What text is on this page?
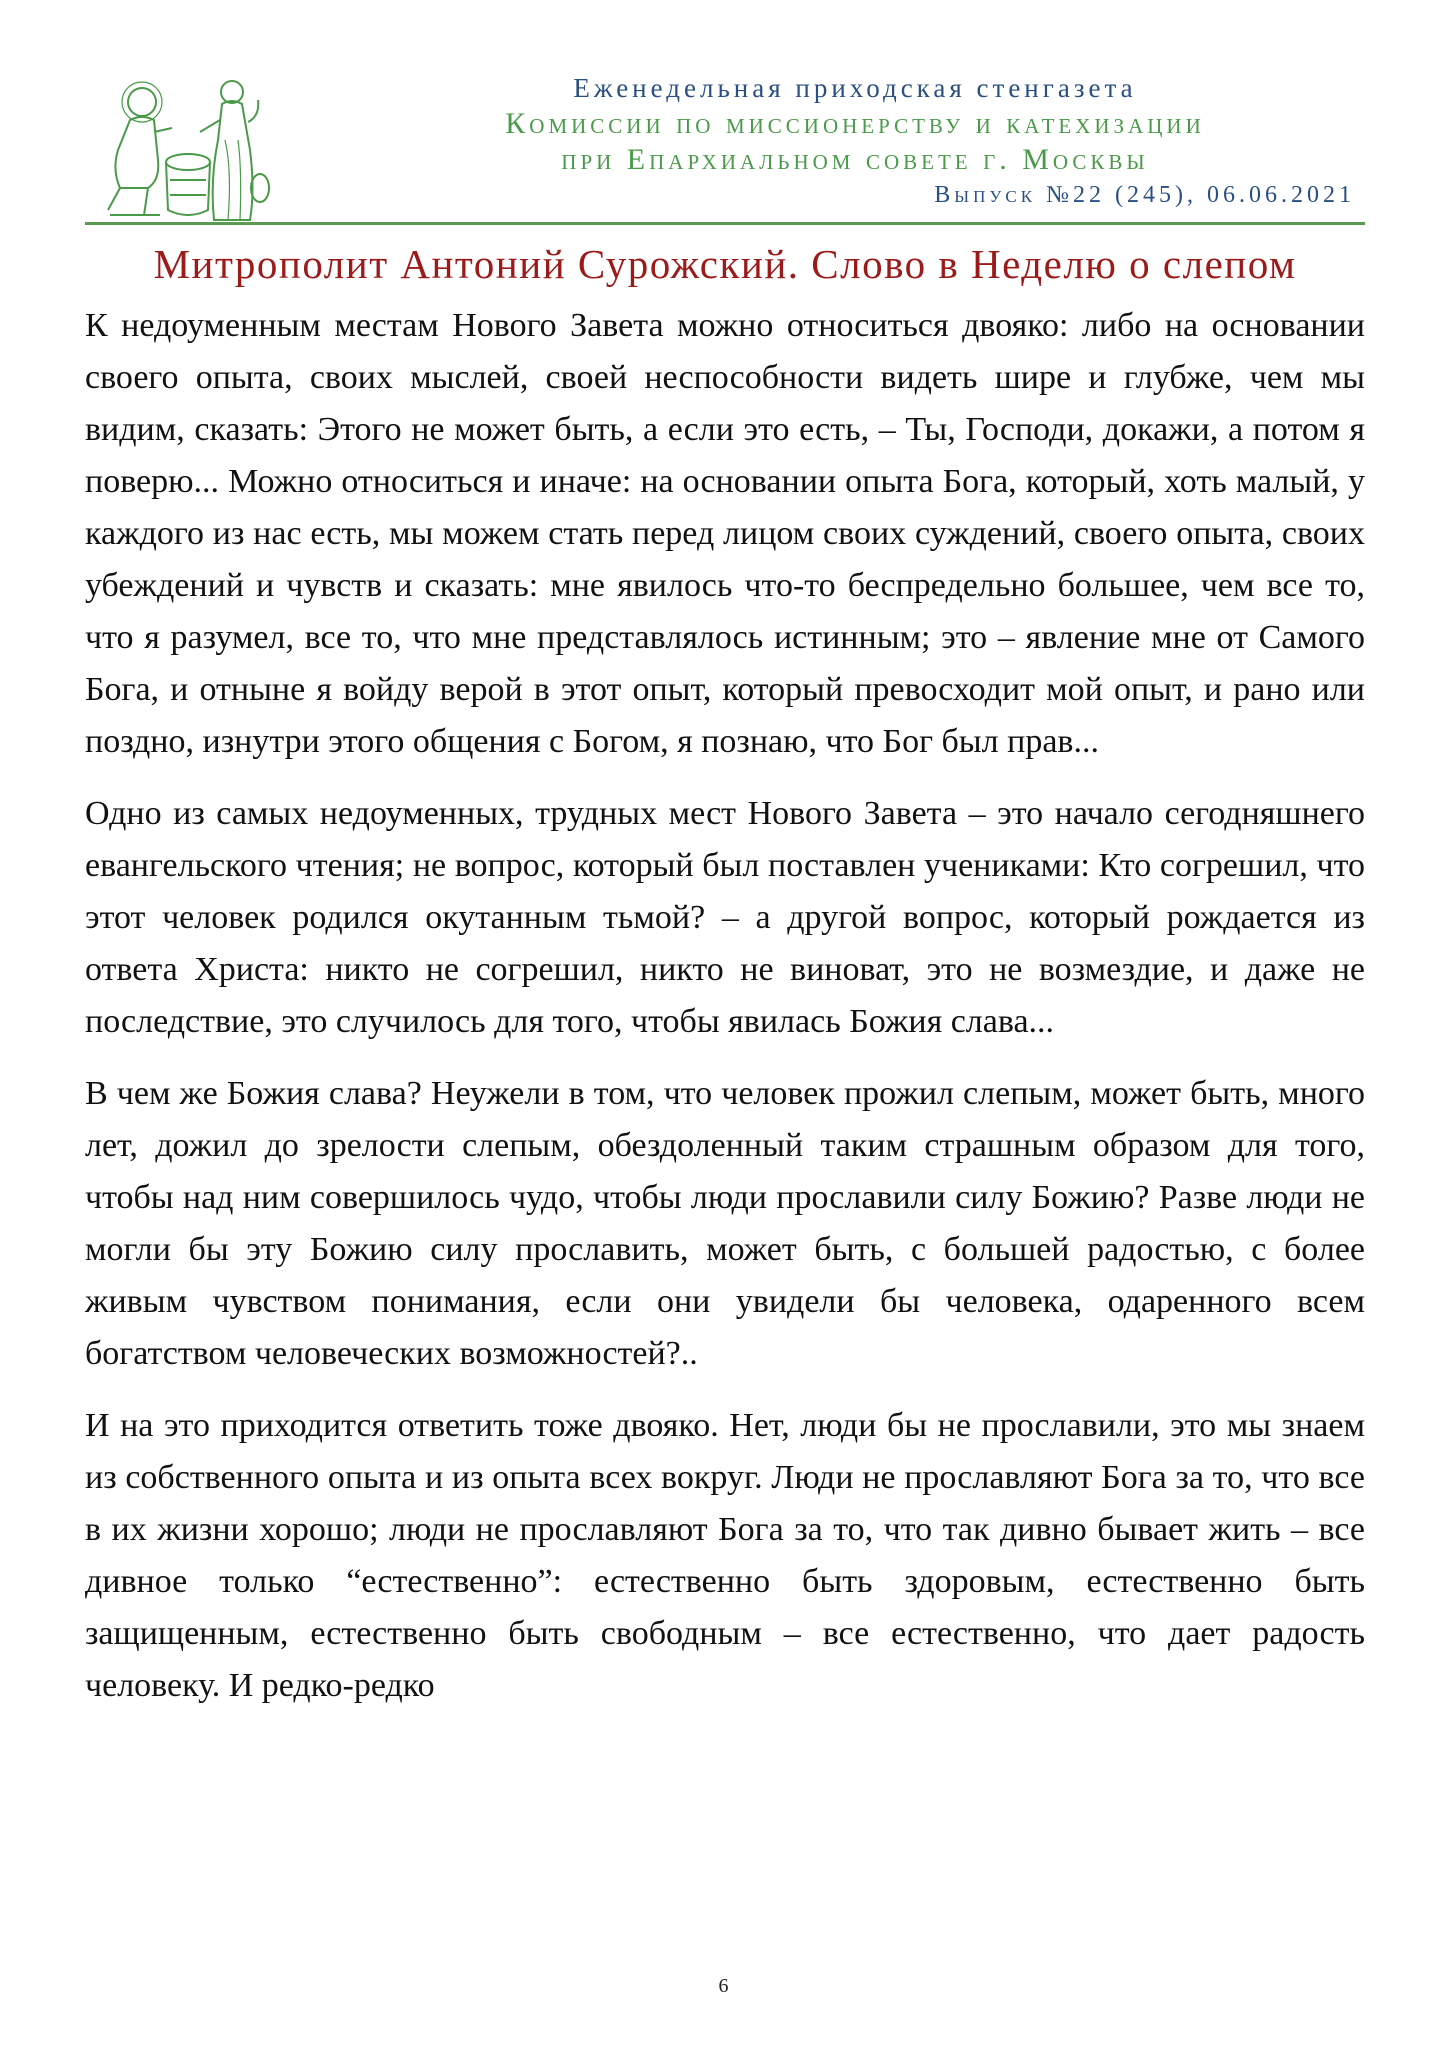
Еженедельная приходская стенгазета
Комиссии по миссионерству и катехизации
при Епархиальном совете г. Москвы
Выпуск №22 (245), 06.06.2021
Митрополит Антоний Сурожский. Слово в Неделю о слепом

К недоуменным местам Нового Завета можно относиться двояко: либо на основании своего опыта, своих мыслей, своей неспособности видеть шире и глубже, чем мы видим, сказать: Этого не может быть, а если это есть, – Ты, Господи, докажи, а потом я поверю... Можно относиться и иначе: на основании опыта Бога, который, хоть малый, у каждого из нас есть, мы можем стать перед лицом своих суждений, своего опыта, своих убеждений и чувств и сказать: мне явилось что-то беспредельно большее, чем все то, что я разумел, все то, что мне представлялось истинным; это – явление мне от Самого Бога, и отныне я войду верой в этот опыт, который превосходит мой опыт, и рано или поздно, изнутри этого общения с Богом, я познаю, что Бог был прав...

Одно из самых недоуменных, трудных мест Нового Завета – это начало сегодняшнего евангельского чтения; не вопрос, который был поставлен учениками: Кто согрешил, что этот человек родился окутанным тьмой? – а другой вопрос, который рождается из ответа Христа: никто не согрешил, никто не виноват, это не возмездие, и даже не последствие, это случилось для того, чтобы явилась Божия слава...

В чем же Божия слава? Неужели в том, что человек прожил слепым, может быть, много лет, дожил до зрелости слепым, обездоленный таким страшным образом для того, чтобы над ним совершилось чудо, чтобы люди прославили силу Божию? Разве люди не могли бы эту Божию силу прославить, может быть, с большей радостью, с более живым чувством понимания, если они увидели бы человека, одаренного всем богатством человеческих возможностей?..

И на это приходится ответить тоже двояко. Нет, люди бы не прославили, это мы знаем из собственного опыта и из опыта всех вокруг. Люди не прославляют Бога за то, что все в их жизни хорошо; люди не прославляют Бога за то, что так дивно бывает жить – все дивное только “естественно”: естественно быть здоровым, естественно быть защищенным, естественно быть свободным – все естественно, что дает радость человеку. И редко-редко

6
